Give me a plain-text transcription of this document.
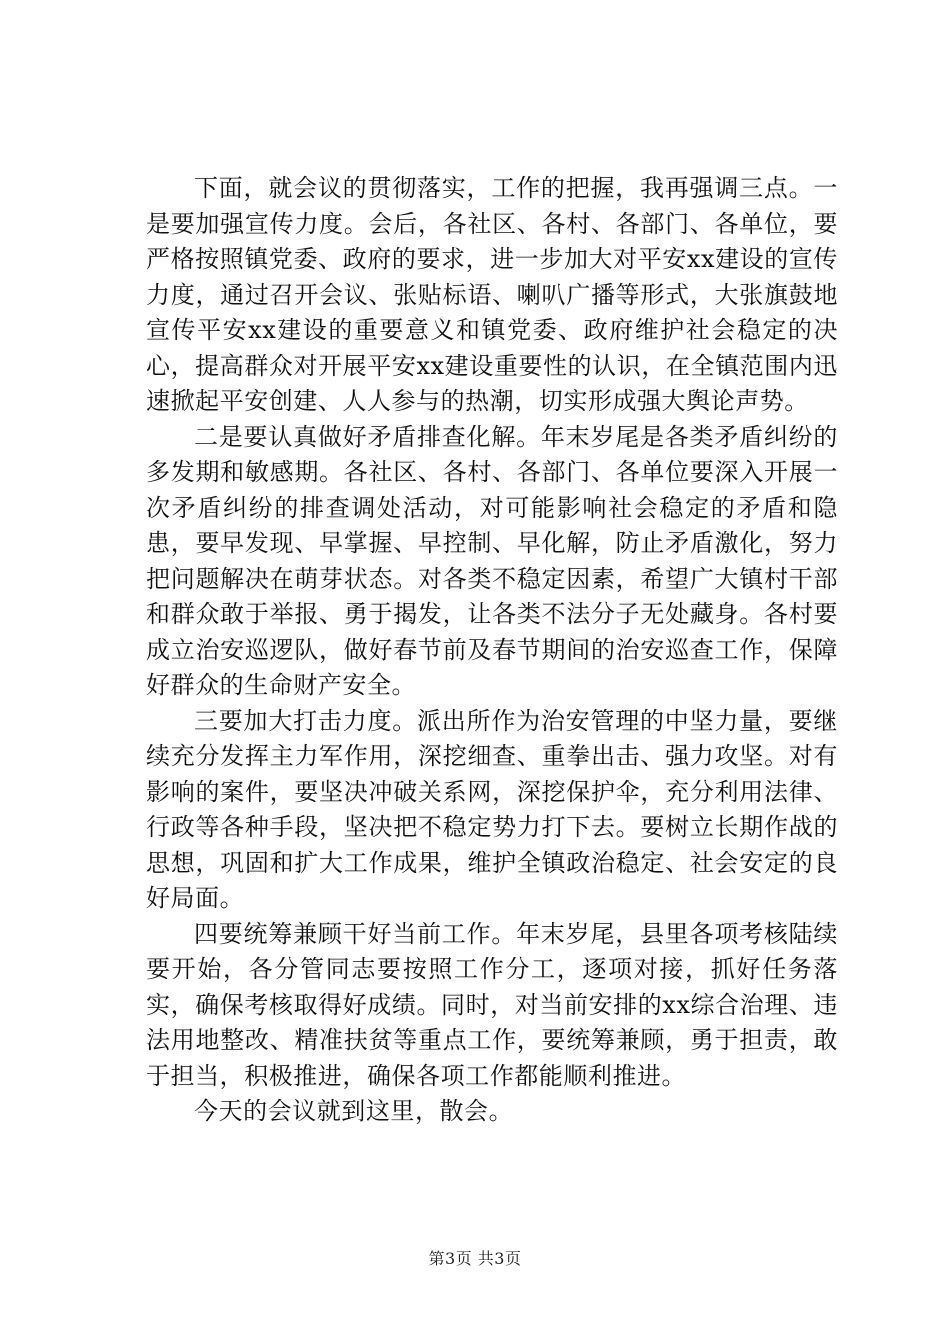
下面，就会议的贯彻落实，工作的把握，我再强调三点。一是要加强宣传力度。会后，各社区、各村、各部门、各单位，要严格按照镇党委、政府的要求，进一步加大对平安xx建设的宣传力度，通过召开会议、张贴标语、喇叭广播等形式，大张旗鼓地宣传平安xx建设的重要意义和镇党委、政府维护社会稳定的决心，提高群众对开展平安xx建设重要性的认识，在全镇范围内迅速掀起平安创建、人人参与的热潮，切实形成强大舆论声势。

二是要认真做好矛盾排查化解。年末岁尾是各类矛盾纠纷的多发期和敏感期。各社区、各村、各部门、各单位要深入开展一次矛盾纠纷的排查调处活动，对可能影响社会稳定的矛盾和隐患，要早发现、早掌握、早控制、早化解，防止矛盾激化，努力把问题解决在萌芽状态。对各类不稳定因素，希望广大镇村干部和群众敢于举报、勇于揭发，让各类不法分子无处藏身。各村要成立治安巡逻队，做好春节前及春节期间的治安巡查工作，保障好群众的生命财产安全。

三要加大打击力度。派出所作为治安管理的中坚力量，要继续充分发挥主力军作用，深挖细查、重拳出击、强力攻坚。对有影响的案件，要坚决冲破关系网，深挖保护伞，充分利用法律、行政等各种手段，坚决把不稳定势力打下去。要树立长期作战的思想，巩固和扩大工作成果，维护全镇政治稳定、社会安定的良好局面。

四要统筹兼顾干好当前工作。年末岁尾，县里各项考核陆续要开始，各分管同志要按照工作分工，逐项对接，抓好任务落实，确保考核取得好成绩。同时，对当前安排的xx综合治理、违法用地整改、精准扶贫等重点工作，要统筹兼顾，勇于担责，敢于担当，积极推进，确保各项工作都能顺利推进。

今天的会议就到这里，散会。

第3页 共3页
